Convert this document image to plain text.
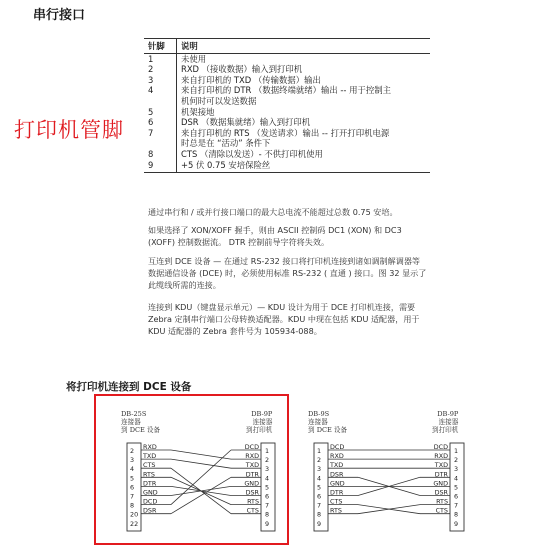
串行接口
打印机管脚
针脚	说明
1	未使用
2	RXD （接收数据）输入到打印机
3	来自打印机的 TXD （传输数据）输出
4	来自打印机的 DTR （数据终端就绪）输出 -- 用于控制主
机何时可以发送数据
5	机架接地
6	DSR （数据集就绪）输入到打印机
7	来自打印机的 RTS （发送请求）输出 -- 打开打印机电源
时总是在 “活动” 条件下
8	CTS （清除以发送）- 不供打印机使用
9	+5 伏 0.75 安培保险丝

通过串行和 / 或并行接口端口的最大总电流不能超过总数 0.75 安培。

如果选择了 XON/XOFF 握手，则由 ASCII 控制码 DC1 (XON) 和 DC3
(XOFF) 控制数据流。 DTR 控制前导字符将失效。

互连到 DCE 设备 — 在通过 RS-232 接口将打印机连接到诸如调制解调器等
数据通信设备 (DCE) 时，必须使用标准 RS-232 ( 直通 ) 接口。图 32 显示了
此缆线所需的连接。

连接到 KDU（键盘显示单元）— KDU 设计为用于 DCE 打印机连接，需要
Zebra 定制串行端口公母转换适配器。KDU 中现在包括 KDU 适配器，用于
KDU 适配器的 Zebra 套件号为 105934-088。

将打印机连接到 DCE 设备
DB-25S
连接器
到 DCE 设备
DB-9P
连接器
到打印机
DB-9S
连接器
到 DCE 设备
DB-9P
连接器
到打印机
2
3
4
5
6
7
8
20
22
1
2
3
4
5
6
7
8
9
RXD
TXD
CTS
RTS
DTR
GND
DCD
DSR
DCD
RXD
TXD
DTR
GND
DSR
RTS
CTS
1
2
3
4
5
6
7
8
9
1
2
3
4
5
6
7
8
9
DCD
RXD
TXD
DSR
GND
DTR
CTS
RTS
DCD
RXD
TXD
DTR
GND
DSR
RTS
CTS
